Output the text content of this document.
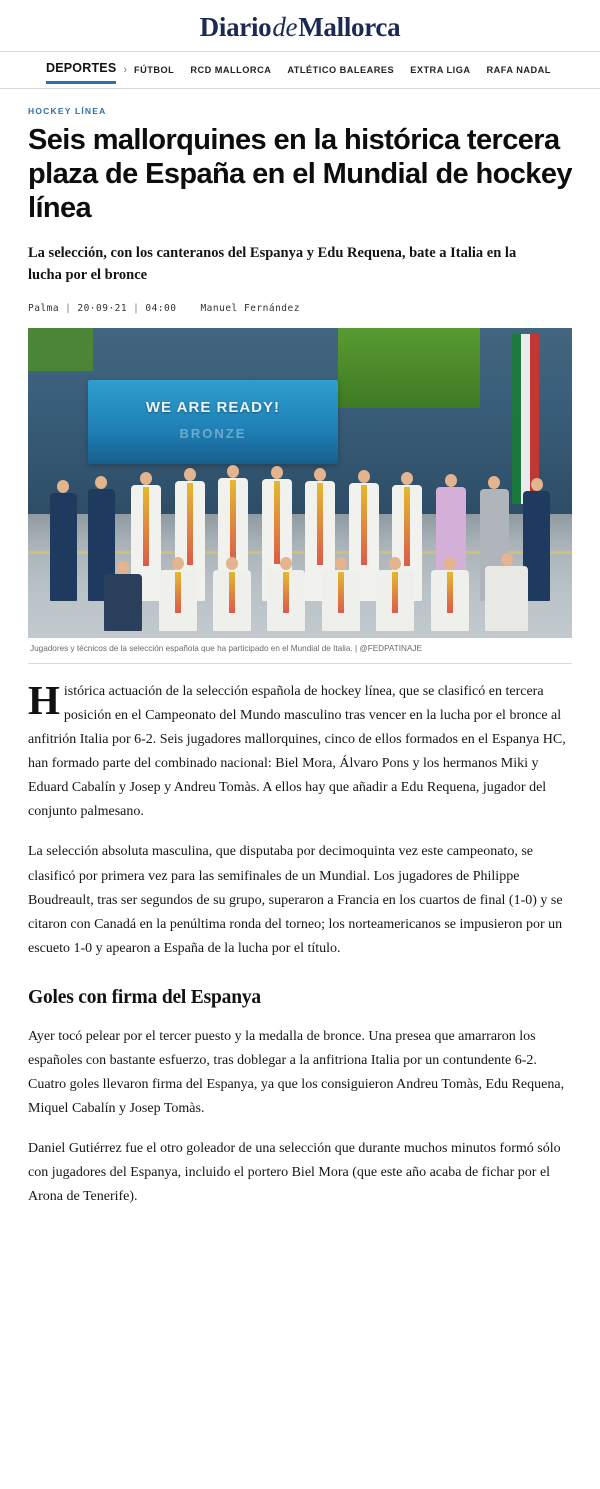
DiariodeMallorca
DEPORTES › FÚTBOL RCD MALLORCA ATLÉTICO BALEARES EXTRA LIGA RAFA NADAL
HOCKEY LÍNEA
Seis mallorquines en la histórica tercera plaza de España en el Mundial de hockey línea
La selección, con los canteranos del Espanya y Edu Requena, bate a Italia en la lucha por el bronce
Palma | 20·09·21 | 04:00	Manuel Fernández
WE ARE READY!
BRONZE
Jugadores y técnicos de la selección española que ha participado en el Mundial de Italia. | @FEDPATINAJE

Histórica actuación de la selección española de hockey línea, que se clasificó en tercera posición en el Campeonato del Mundo masculino tras vencer en la lucha por el bronce al anfitrión Italia por 6-2. Seis jugadores mallorquines, cinco de ellos formados en el Espanya HC, han formado parte del combinado nacional: Biel Mora, Álvaro Pons y los hermanos Miki y Eduard Cabalín y Josep y Andreu Tomàs. A ellos hay que añadir a Edu Requena, jugador del conjunto palmesano.

La selección absoluta masculina, que disputaba por decimoquinta vez este campeonato, se clasificó por primera vez para las semifinales de un Mundial. Los jugadores de Philippe Boudreault, tras ser segundos de su grupo, superaron a Francia en los cuartos de final (1-0) y se citaron con Canadá en la penúltima ronda del torneo; los norteamericanos se impusieron por un escueto 1-0 y apearon a España de la lucha por el título.

Goles con firma del Espanya

Ayer tocó pelear por el tercer puesto y la medalla de bronce. Una presea que amarraron los españoles con bastante esfuerzo, tras doblegar a la anfitriona Italia por un contundente 6-2. Cuatro goles llevaron firma del Espanya, ya que los consiguieron Andreu Tomàs, Edu Requena, Miquel Cabalín y Josep Tomàs.

Daniel Gutiérrez fue el otro goleador de una selección que durante muchos minutos formó sólo con jugadores del Espanya, incluido el portero Biel Mora (que este año acaba de fichar por el Arona de Tenerife).
